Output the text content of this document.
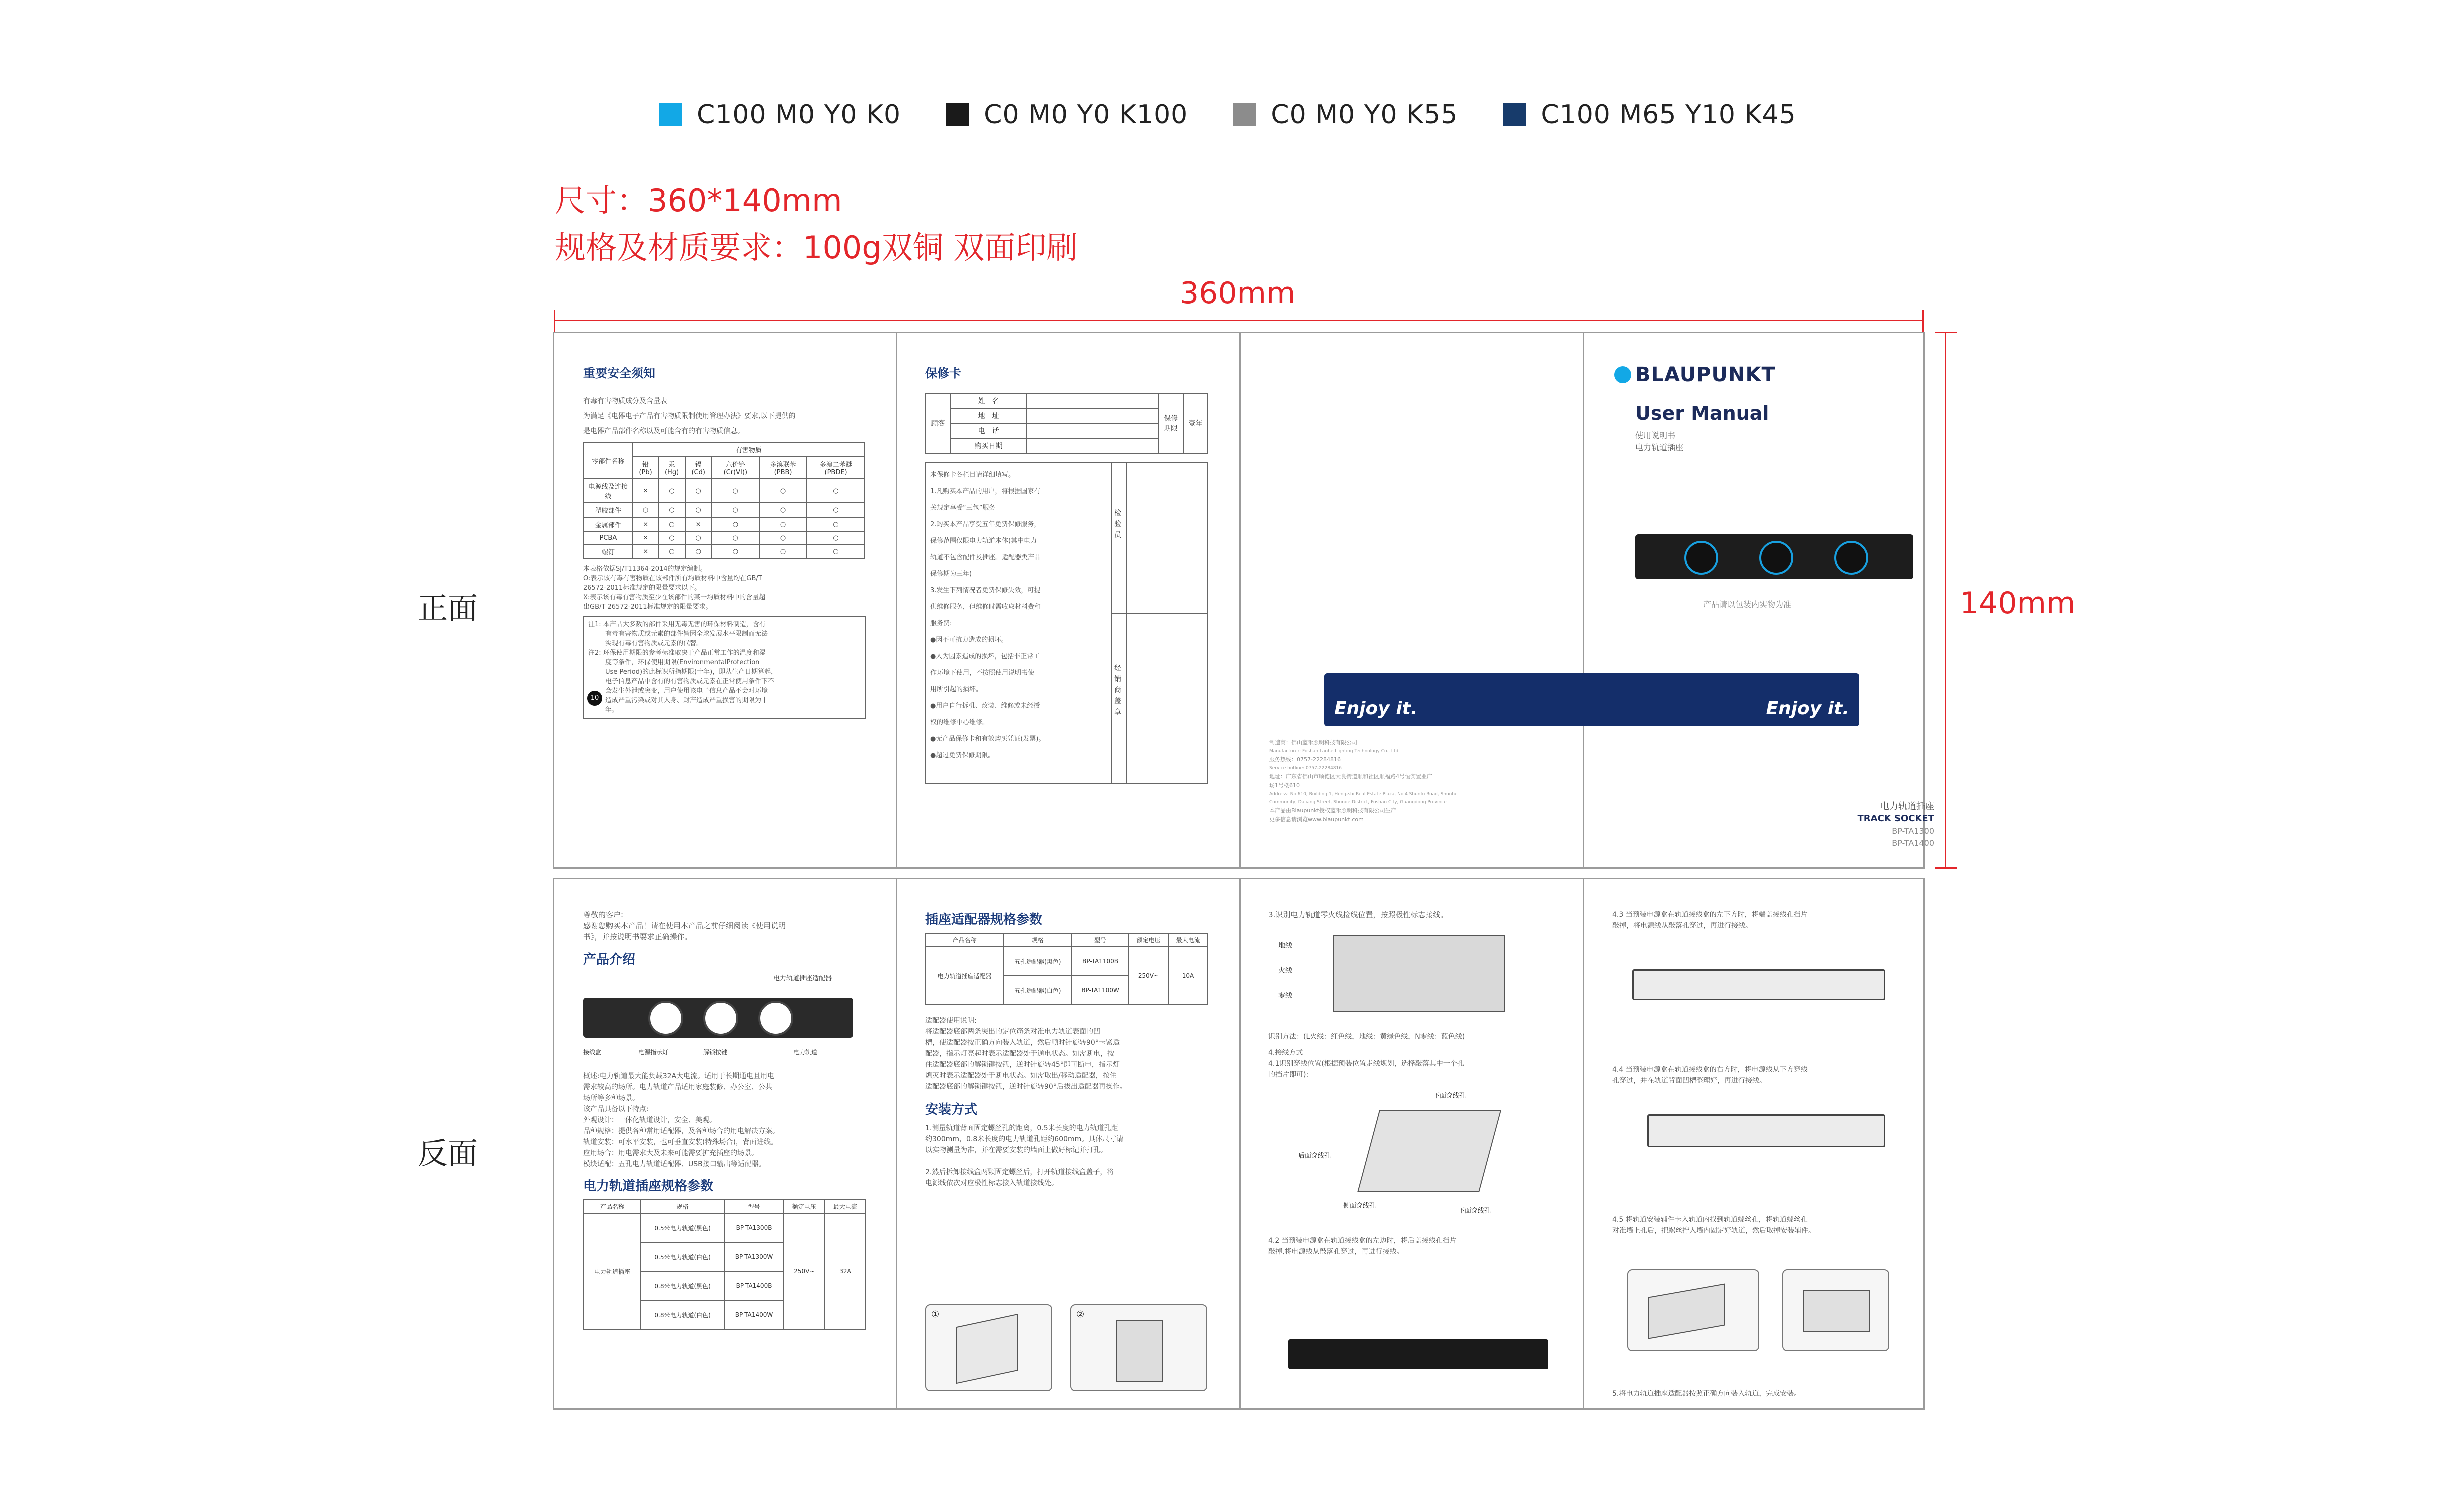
C100 M0 Y0 K0	C0 M0 Y0 K100	C0 M0 Y0 K55	C100 M65 Y10 K45
尺寸：360*140mm
规格及材质要求：100g双铜 双面印刷
360mm
140mm
正面
反面
重要安全须知
有毒有害物质成分及含量表
为满足《电器电子产品有害物质限制使用管理办法》要求,以下提供的
是电器产品部件名称以及可能含有的有害物质信息。
零部件名称	有害物质					
	铅(Pb)	汞(Hg)	镉(Cd)	六价铬(Cr(VI))	多溴联苯(PBB)	多溴二苯醚(PBDE)
电源线及连接线	×	○	○	○	○	○
塑胶部件	○	○	○	○	○	○
金属部件	×	○	×	○	○	○
PCBA	×	○	○	○	○	○
螺钉	×	○	○	○	○	○
本表格依据SJ/T11364-2014的规定编制。
O:表示该有毒有害物质在该部件所有均质材料中含量均在GB/T
26572-2011标准规定的限量要求以下。
X:表示该有毒有害物质至少在该部件的某一均质材料中的含量超
出GB/T 26572-2011标准规定的限量要求。
注1: 本产品大多数的部件采用无毒无害的环保材料制造，含有
有毒有害物质或元素的部件皆因全球发展水平限制而无法
实现有毒有害物质或元素的代替。
注2: 环保使用期限的参考标准取决于产品正常工作的温度和湿
度等条件，环保使用期限(EnvironmentalProtection
Use Period)的此标识所指期限(十年)，即从生产日期算起，
电子信息产品中含有的有害物质或元素在正常使用条件下不
会发生外泄或突变，用户使用该电子信息产品不会对环境
造成严重污染或对其人身、财产造成严重损害的期限为十
年。
10
保修卡
顾客	姓　名		保修期限	壹年
	地　址			
	电　话			
	购买日期			
本保修卡各栏目请详细填写。
1.凡购买本产品的用户，将根据国家有
关规定享受“三包”服务
2.购买本产品享受五年免费保修服务，
保修范围仅限电力轨道本体(其中电力
轨道不包含配件及插座。适配器类产品
保修期为三年)
3.发生下列情况者免费保修失效，可提
供维修服务，但维修时需收取材料费和
服务费:
●因不可抗力造成的损坏。
●人为因素造成的损坏，包括非正常工
作环境下使用，不按照使用说明书使
用所引起的损坏。
●用户自行拆机、改装、维修或未经授
权的维修中心维修。
●无产品保修卡和有效购买凭证(发票)。
●超过免费保修期限。
检验员
经销商盖章
制造商：佛山蓝禾照明科技有限公司
Manufacturer: Foshan Lanhe Lighting Technology Co., Ltd.
服务热线：0757-22284816
Service hotline: 0757-22284816
地址：广东省佛山市顺德区大良街道顺和社区顺福路4号恒实置业广
场1号楼610
Address: No.610, Building 1, Heng-shi Real Estate Plaza, No.4 Shunfu Road, Shunhe
Community, Daliang Street, Shunde District, Foshan City, Guangdong Province
本产品由Blaupunkt授权蓝禾照明科技有限公司生产
更多信息请浏览www.blaupunkt.com
Enjoy it.	Enjoy it.
BLAUPUNKT
User Manual
使用说明书
电力轨道插座
产品请以包装内实物为准
电力轨道插座
TRACK SOCKET
BP-TA1300
BP-TA1400
尊敬的客户:
感谢您购买本产品！请在使用本产品之前仔细阅读《使用说明
书》，并按说明书要求正确操作。
产品介绍
电力轨道插座适配器
接线盒	电源指示灯	解锁按键	电力轨道
概述:电力轨道最大能负载32A大电流。适用于长期通电且用电
需求较高的场所。电力轨道产品适用家庭装修、办公室、公共
场所等多种场景。
该产品具备以下特点:
外观设计：一体化轨道设计，安全、美观。
品种规格：提供各种常用适配器，及各种场合的用电解决方案。
轨道安装：可水平安装，也可垂直安装(特殊场合)，背面进线。
应用场合：用电需求大及未来可能需要扩充插座的场景。
模块适配：五孔电力轨道适配器、USB接口输出等适配器。
电力轨道插座规格参数
产品名称	规格	型号	额定电压	最大电流
电力轨道插座	0.5米电力轨道(黑色)	BP-TA1300B	250V~	32A
	0.5米电力轨道(白色)	BP-TA1300W		
	0.8米电力轨道(黑色)	BP-TA1400B		
	0.8米电力轨道(白色)	BP-TA1400W		
插座适配器规格参数
产品名称	规格	型号	额定电压	最大电流
电力轨道插座适配器	五孔适配器(黑色)	BP-TA1100B	250V~	10A
	五孔适配器(白色)	BP-TA1100W		
适配器使用说明:
将适配器底部两条突出的定位筋条对准电力轨道表面的凹
槽，使适配器按正确方向装入轨道，然后顺时针旋转90°卡紧适
配器，指示灯亮起时表示适配器处于通电状态。如需断电，按
住适配器底部的解锁键按钮，逆时针旋转45°即可断电，指示灯
熄灭时表示适配器处于断电状态。如需取出/移动适配器，按住
适配器底部的解锁键按钮，逆时针旋转90°后拔出适配器再操作。
安装方式
1.测量轨道背面固定螺丝孔的距离，0.5米长度的电力轨道孔距
约300mm，0.8米长度的电力轨道孔距约600mm。具体尺寸请
以实物测量为准，并在需要安装的墙面上做好标记并打孔。
2.然后拆卸接线盒两颗固定螺丝后，打开轨道接线盒盖子，将
电源线依次对应极性标志接入轨道接线处。
①	②
3.识别电力轨道零火线接线位置，按照极性标志接线。
地线
火线
零线
识别方法：(L火线：红色线，地线：黄绿色线，N零线：蓝色线)
4.接线方式
4.1识别穿线位置(根据预装位置走线规划，选择敲落其中一个孔
的挡片即可):
下面穿线孔
后面穿线孔
侧面穿线孔
下面穿线孔
4.2 当预装电源盒在轨道接线盒的左边时，将后盖接线孔挡片
敲掉,将电源线从敲落孔穿过，再进行接线。
4.3 当预装电源盒在轨道接线盒的左下方时，将端盖接线孔挡片
敲掉，将电源线从敲落孔穿过，再进行接线。
4.4 当预装电源盒在轨道接线盒的右方时，将电源线从下方穿线
孔穿过，并在轨道背面凹槽整理好，再进行接线。
4.5 将轨道安装辅件卡入轨道内找到轨道螺丝孔，将轨道螺丝孔
对准墙上孔后，把螺丝拧入墙内固定好轨道，然后取掉安装辅件。
5.将电力轨道插座适配器按照正确方向装入轨道，完成安装。
